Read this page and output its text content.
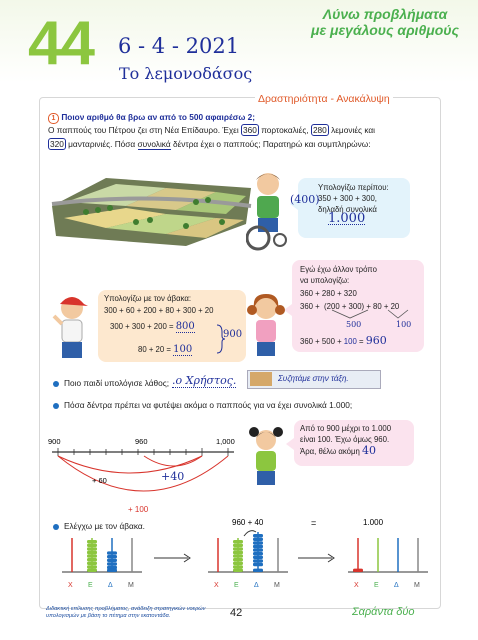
44 6 - 4 - 2021
Το λεμονοδάσος
Λύνω προβλήματα
με μεγάλους αριθμούς
Δραστηριότητα - Ανακάλυψη
1 Ποιον αριθμό θα βρω αν από το 500 αφαιρέσω 2;
Ο παππούς του Πέτρου ζει στη Νέα Επίδαυρο. Έχει 360 πορτοκαλιές, 280 λεμονιές και
320 μανταρινιές. Πόσα συνολικά δέντρα έχει ο παππούς; Παρατηρώ και συμπληρώνω:
Υπολογίζω περίπου:
350 + 300 + 300,
δηλαδή συνολικά
1.000
(400)
Εγώ έχω άλλον τρόπο
να υπολογίζω:
360 + 280 + 320
360 +  (200 + 300) + 80 + 20
500	100
360 + 500 + 100 = 960
Υπολογίζω με τον άβακα:
300 + 60 + 200 + 80 + 300 + 20
300 + 300 + 200 = 800
80 + 20 = 100
900
Ποιο παιδί υπολόγισε λάθος; .ο Χρήστος.	Συζητάμε στην τάξη.
Πόσα δέντρα πρέπει να φυτέψει ακόμα ο παππούς για να έχει συνολικά 1.000;
900	960	1,000
+ 60	+40
+ 100
Από το 900 μέχρι το 1.000
είναι 100. Έχω όμως 960.
Άρα, θέλω ακόμη 40
Ελέγχω με τον άβακα.	960 + 40	=	1.000
Χ Ε Δ Μ	Χ Ε Δ Μ	Χ Ε Δ Μ
Διδακτική επίλυσης προβλήματος, ανάδειξη στρατηγικών νοερών
υπολογισμών με βάση το πέτημα στην εκατοντάδα.	42	Σαράντα δύο
